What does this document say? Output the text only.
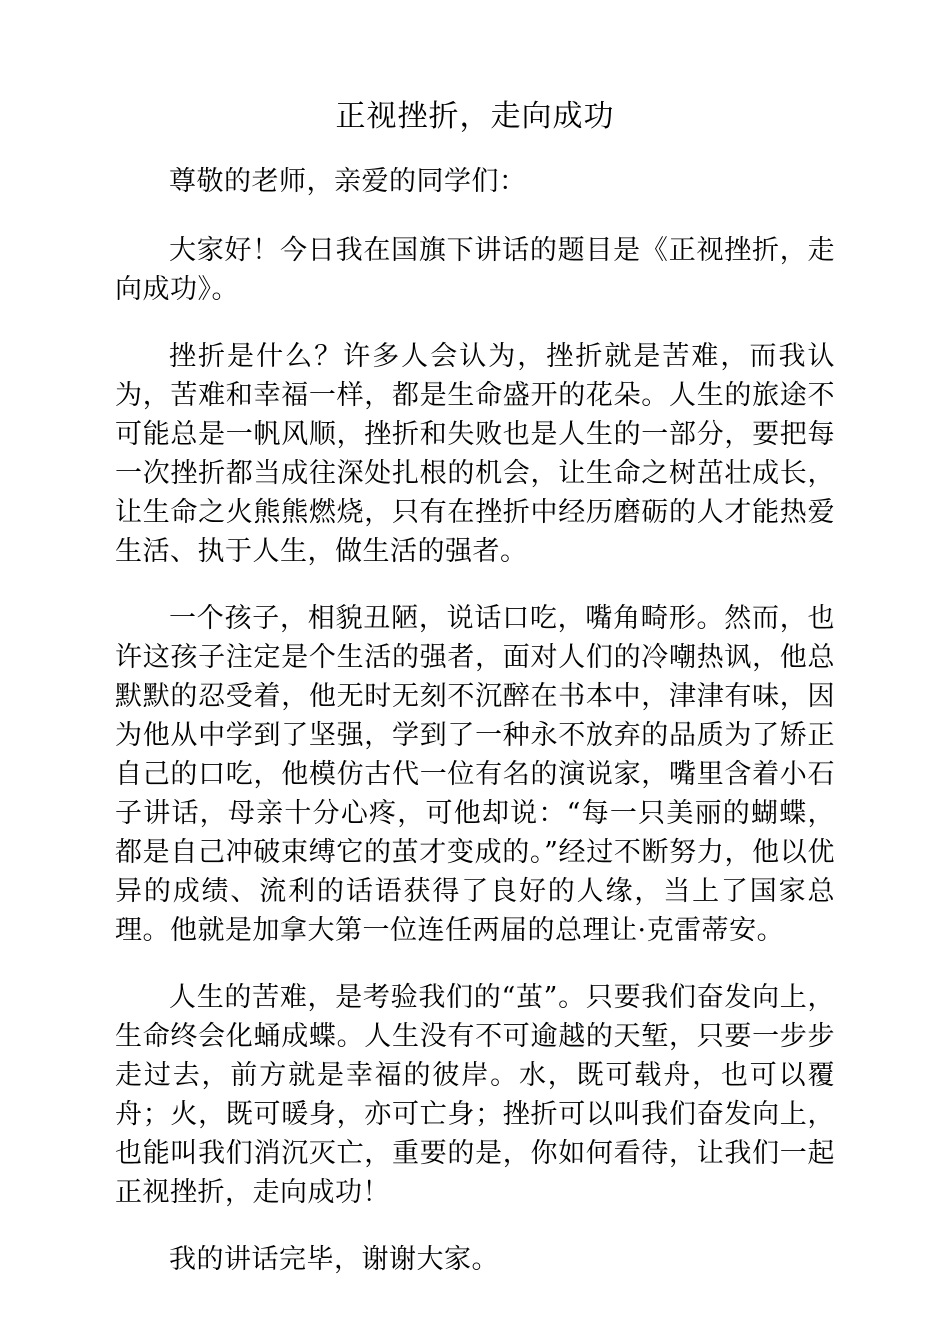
正视挫折，走向成功

尊敬的老师，亲爱的同学们：

大家好！今日我在国旗下讲话的题目是《正视挫折，走向成功》。

挫折是什么？许多人会认为，挫折就是苦难，而我认为，苦难和幸福一样，都是生命盛开的花朵。人生的旅途不可能总是一帆风顺，挫折和失败也是人生的一部分，要把每一次挫折都当成往深处扎根的机会，让生命之树茁壮成长，让生命之火熊熊燃烧，只有在挫折中经历磨砺的人才能热爱生活、执于人生，做生活的强者。

一个孩子，相貌丑陋，说话口吃，嘴角畸形。然而，也许这孩子注定是个生活的强者，面对人们的冷嘲热讽，他总默默的忍受着，他无时无刻不沉醉在书本中，津津有味，因为他从中学到了坚强，学到了一种永不放弃的品质为了矫正自己的口吃，他模仿古代一位有名的演说家，嘴里含着小石子讲话，母亲十分心疼，可他却说：“每一只美丽的蝴蝶，都是自己冲破束缚它的茧才变成的。”经过不断努力，他以优异的成绩、流利的话语获得了良好的人缘，当上了国家总理。他就是加拿大第一位连任两届的总理让·克雷蒂安。

人生的苦难，是考验我们的“茧”。只要我们奋发向上，生命终会化蛹成蝶。人生没有不可逾越的天堑，只要一步步走过去，前方就是幸福的彼岸。水，既可载舟，也可以覆舟；火，既可暖身，亦可亡身；挫折可以叫我们奋发向上，也能叫我们消沉灭亡，重要的是，你如何看待，让我们一起正视挫折，走向成功！

我的讲话完毕，谢谢大家。
